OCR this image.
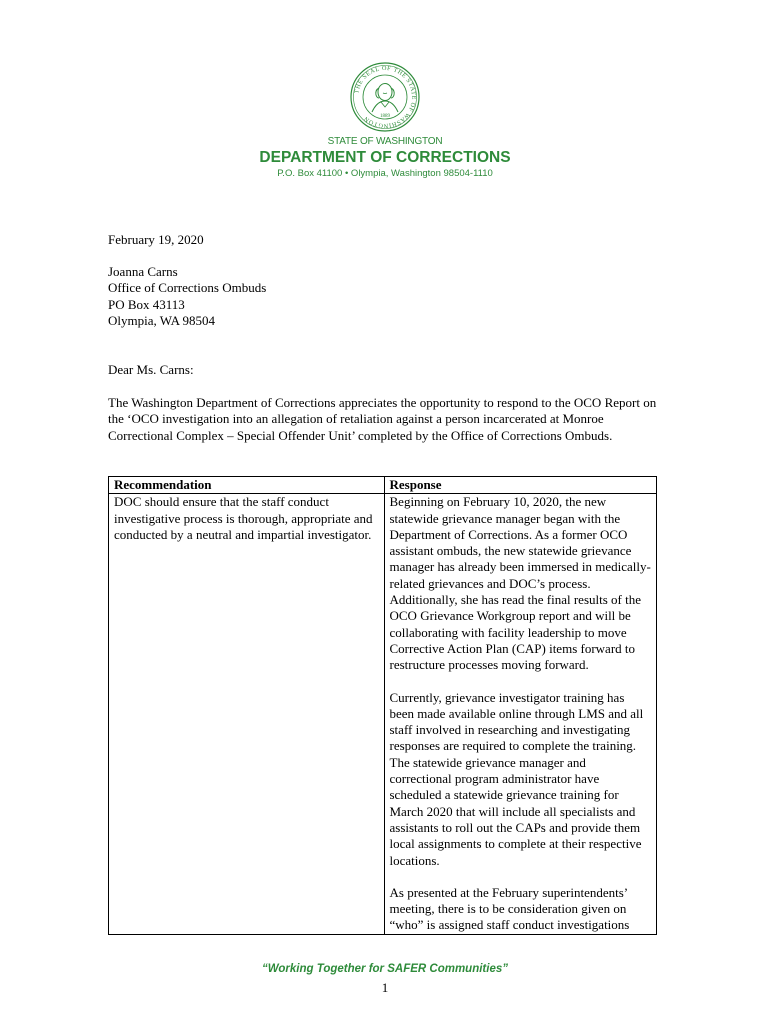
THE SEAL OF THE STATE OF WASHINGTON	1889
STATE OF WASHINGTON
DEPARTMENT OF CORRECTIONS
P.O. Box 41100 • Olympia, Washington 98504-1110
February 19, 2020
Joanna Carns
Office of Corrections Ombuds
PO Box 43113
Olympia, WA 98504
Dear Ms. Carns:
The Washington Department of Corrections appreciates the opportunity to respond to the OCO Report on the ‘OCO investigation into an allegation of retaliation against a person incarcerated at Monroe Correctional Complex – Special Offender Unit’ completed by the Office of Corrections Ombuds.
Recommendation	Response

DOC should ensure that the staff conduct investigative process is thorough, appropriate and conducted by a neutral and impartial investigator.	Beginning on February 10, 2020, the new statewide grievance manager began with the Department of Corrections. As a former OCO assistant ombuds, the new statewide grievance manager has already been immersed in medically-related grievances and DOC’s process. Additionally, she has read the final results of the OCO Grievance Workgroup report and will be collaborating with facility leadership to move Corrective Action Plan (CAP) items forward to restructure processes moving forward.

Currently, grievance investigator training has been made available online through LMS and all staff involved in researching and investigating responses are required to complete the training. The statewide grievance manager and correctional program administrator have scheduled a statewide grievance training for March 2020 that will include all specialists and assistants to roll out the CAPs and provide them local assignments to complete at their respective locations.

As presented at the February superintendents’ meeting, there is to be consideration given on “who” is assigned staff conduct investigations

“Working Together for SAFER Communities”
1
